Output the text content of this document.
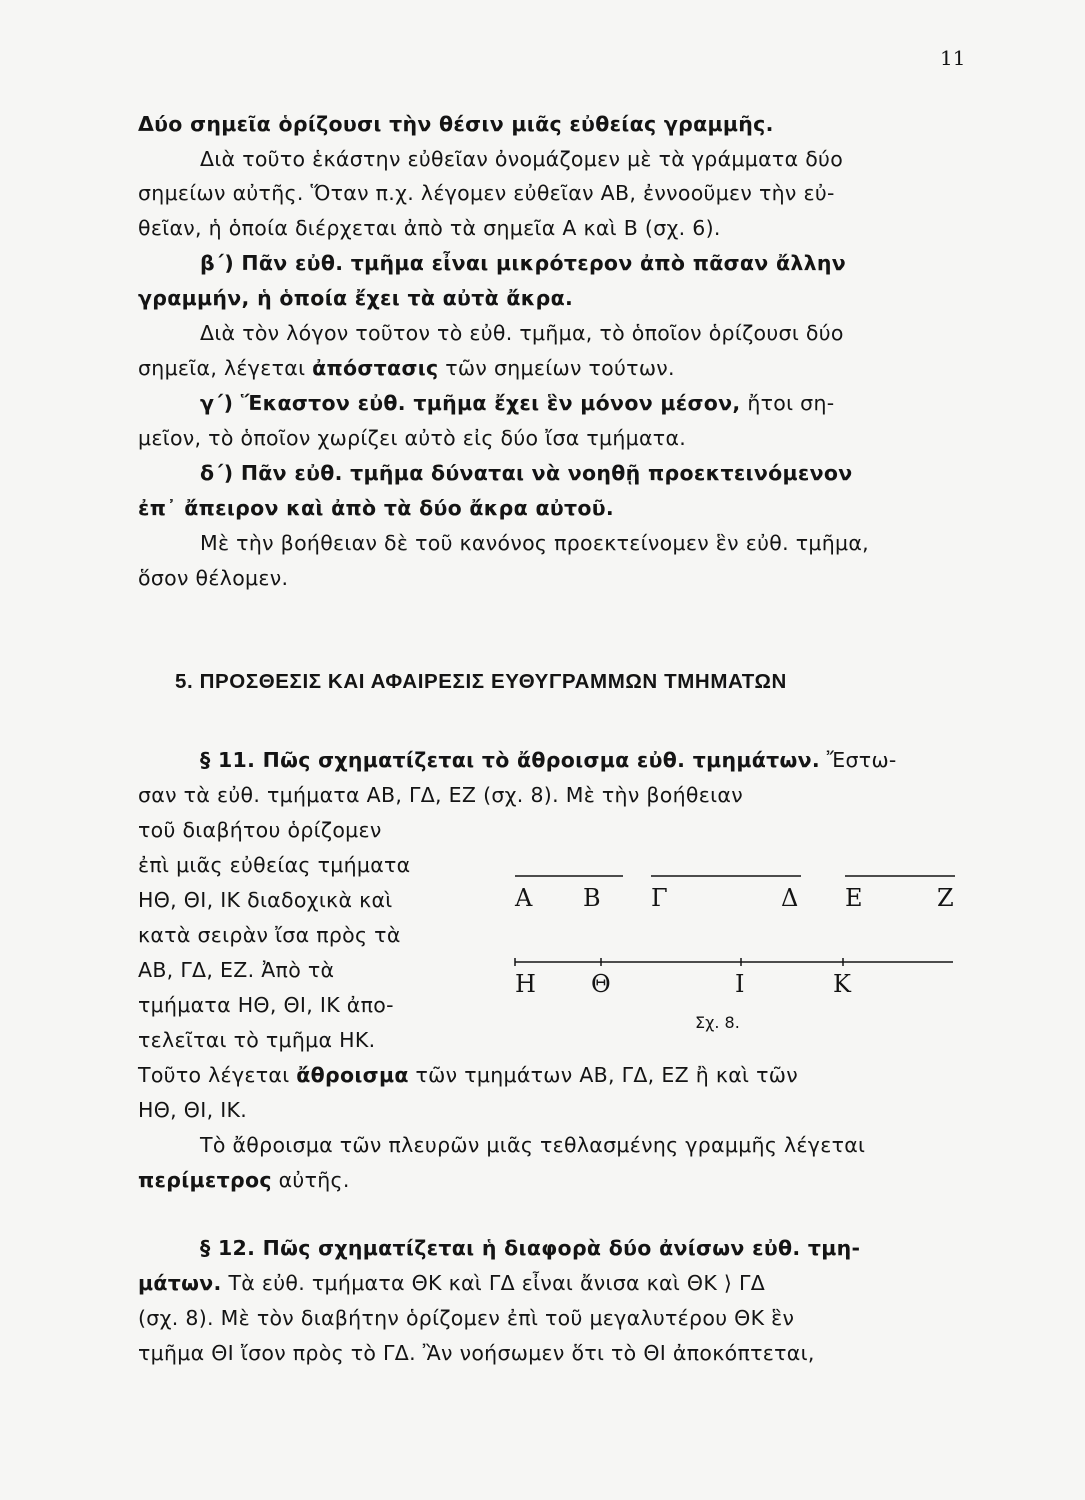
11
Δύο σημεῖα ὁρίζουσι τὴν θέσιν μιᾶς εὐθείας γραμμῆς.
Διὰ τοῦτο ἑκάστην εὐθεῖαν ὀνομάζομεν μὲ τὰ γράμματα δύο
σημείων αὐτῆς. Ὅταν π.χ. λέγομεν εὐθεῖαν ΑΒ, ἐννοοῦμεν τὴν εὐ-
θεῖαν, ἡ ὁποία διέρχεται ἀπὸ τὰ σημεῖα Α καὶ Β (σχ. 6).
β΄) Πᾶν εὐθ. τμῆμα εἶναι μικρότερον ἀπὸ πᾶσαν ἄλλην
γραμμήν, ἡ ὁποία ἔχει τὰ αὐτὰ ἄκρα.
Διὰ τὸν λόγον τοῦτον τὸ εὐθ. τμῆμα, τὸ ὁποῖον ὁρίζουσι δύο
σημεῖα, λέγεται ἀπόστασις τῶν σημείων τούτων.
γ΄) Ἕκαστον εὐθ. τμῆμα ἔχει ἓν μόνον μέσον, ἤτοι ση-
μεῖον, τὸ ὁποῖον χωρίζει αὐτὸ εἰς δύο ἴσα τμήματα.
δ΄) Πᾶν εὐθ. τμῆμα δύναται νὰ νοηθῇ προεκτεινόμενον
ἐπ᾽ ἄπειρον καὶ ἀπὸ τὰ δύο ἄκρα αὐτοῦ.
Μὲ τὴν βοήθειαν δὲ τοῦ κανόνος προεκτείνομεν ἓν εὐθ. τμῆμα,
ὅσον θέλομεν.
5. ΠΡΟΣΘΕΣΙΣ ΚΑΙ ΑΦΑΙΡΕΣΙΣ ΕΥΘΥΓΡΑΜΜΩΝ ΤΜΗΜΑΤΩΝ
§ 11. Πῶς σχηματίζεται τὸ ἄθροισμα εὐθ. τμημάτων. Ἔστω-
σαν τὰ εὐθ. τμήματα ΑΒ, ΓΔ, ΕΖ (σχ. 8). Μὲ τὴν βοήθειαν
τοῦ διαβήτου ὁρίζομεν
ἐπὶ μιᾶς εὐθείας τμήματα
ΗΘ, ΘΙ, ΙΚ διαδοχικὰ καὶ
κατὰ σειρὰν ἴσα πρὸς τὰ
ΑΒ, ΓΔ, ΕΖ. Ἀπὸ τὰ
τμήματα ΗΘ, ΘΙ, ΙΚ ἀπο-
τελεῖται τὸ τμῆμα ΗΚ.
Α Β Γ	Δ Ε	Ζ
Η Θ	Ι	Κ
Σχ. 8.
Τοῦτο λέγεται ἄθροισμα τῶν τμημάτων ΑΒ, ΓΔ, ΕΖ ἢ καὶ τῶν
ΗΘ, ΘΙ, ΙΚ.
Τὸ ἄθροισμα τῶν πλευρῶν μιᾶς τεθλασμένης γραμμῆς λέγεται
περίμετρος αὐτῆς.
§ 12. Πῶς σχηματίζεται ἡ διαφορὰ δύο ἀνίσων εὐθ. τμη-
μάτων. Τὰ εὐθ. τμήματα ΘΚ καὶ ΓΔ εἶναι ἄνισα καὶ ΘΚ ⟩ ΓΔ
(σχ. 8). Μὲ τὸν διαβήτην ὁρίζομεν ἐπὶ τοῦ μεγαλυτέρου ΘΚ ἓν
τμῆμα ΘΙ ἴσον πρὸς τὸ ΓΔ. Ἂν νοήσωμεν ὅτι τὸ ΘΙ ἀποκόπτεται,
